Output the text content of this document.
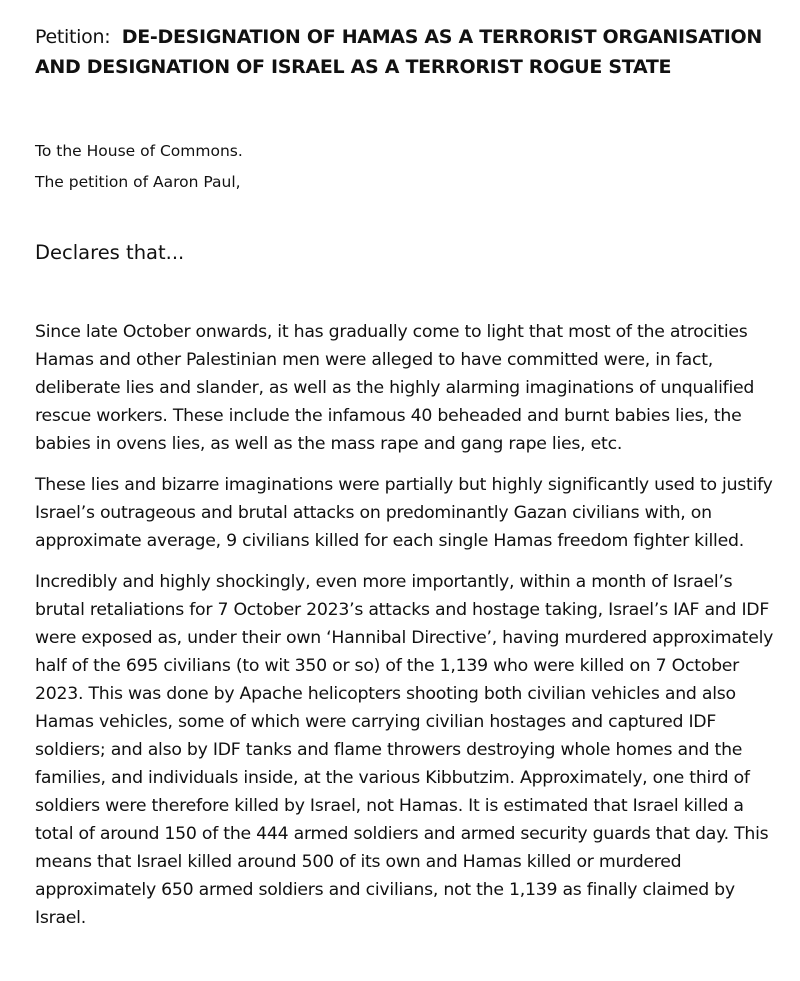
Petition: DE-DESIGNATION OF HAMAS AS A TERRORIST ORGANISATION AND DESIGNATION OF ISRAEL AS A TERRORIST ROGUE STATE

To the House of Commons.

The petition of Aaron Paul,

Declares that...

Since late October onwards, it has gradually come to light that most of the atrocities Hamas and other Palestinian men were alleged to have committed were, in fact, deliberate lies and slander, as well as the highly alarming imaginations of unqualified rescue workers. These include the infamous 40 beheaded and burnt babies lies, the babies in ovens lies, as well as the mass rape and gang rape lies, etc.

These lies and bizarre imaginations were partially but highly significantly used to justify Israel’s outrageous and brutal attacks on predominantly Gazan civilians with, on approximate average, 9 civilians killed for each single Hamas freedom fighter killed.

Incredibly and highly shockingly, even more importantly, within a month of Israel’s brutal retaliations for 7 October 2023’s attacks and hostage taking, Israel’s IAF and IDF were exposed as, under their own ‘Hannibal Directive’, having murdered approximately half of the 695 civilians (to wit 350 or so) of the 1,139 who were killed on 7 October 2023. This was done by Apache helicopters shooting both civilian vehicles and also Hamas vehicles, some of which were carrying civilian hostages and captured IDF soldiers; and also by IDF tanks and flame throwers destroying whole homes and the families, and individuals inside, at the various Kibbutzim. Approximately, one third of soldiers were therefore killed by Israel, not Hamas. It is estimated that Israel killed a total of around 150 of the 444 armed soldiers and armed security guards that day. This means that Israel killed around 500 of its own and Hamas killed or murdered approximately 650 armed soldiers and civilians, not the 1,139 as finally claimed by Israel.
